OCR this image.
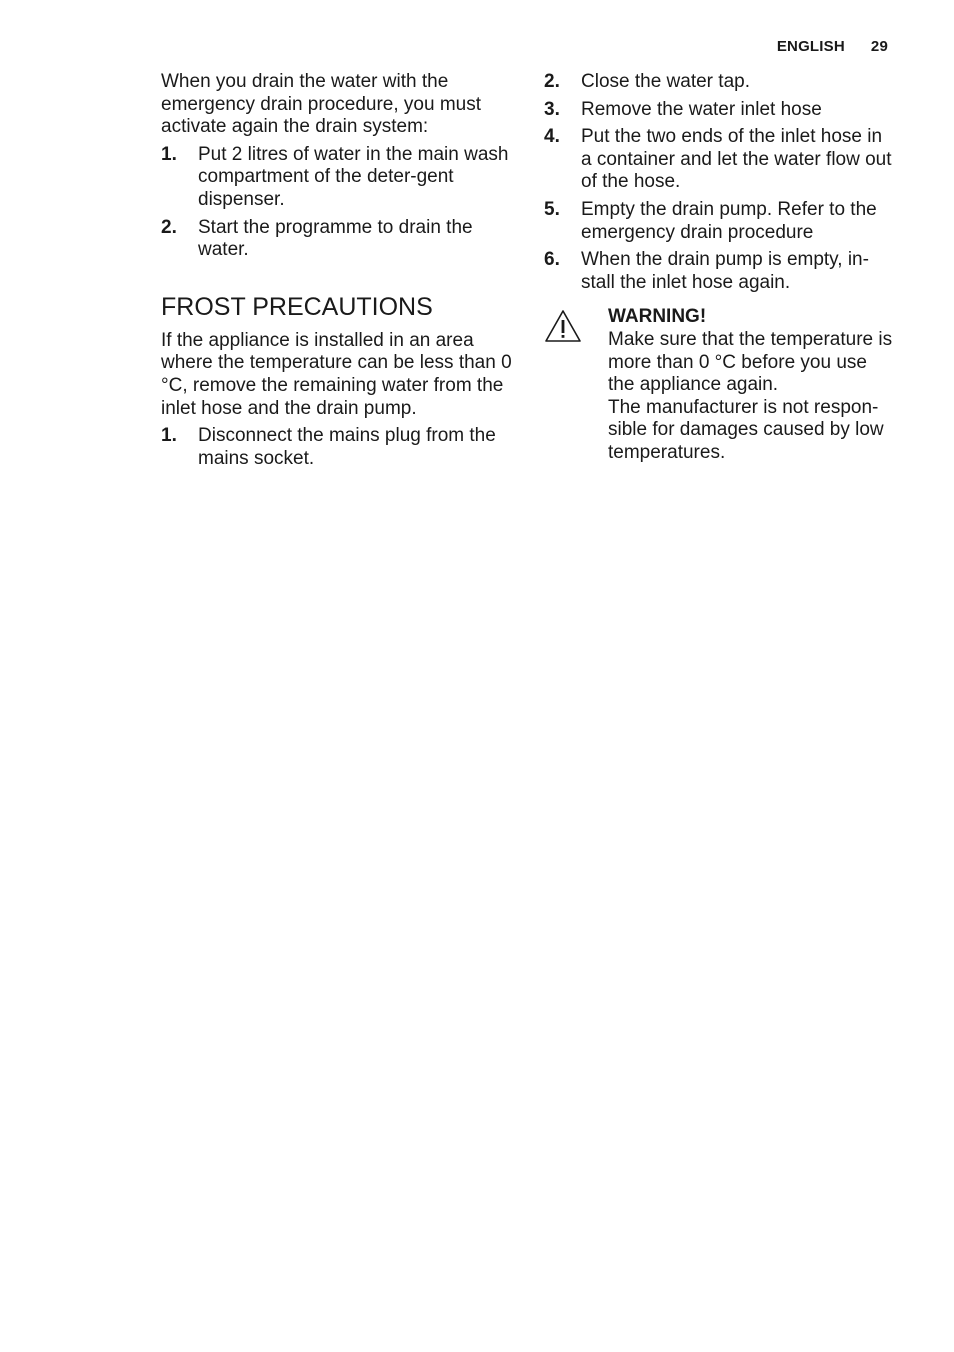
ENGLISH 29

When you drain the water with the emergency drain procedure, you must activate again the drain system:

1.	Put 2 litres of water in the main wash compartment of the deter-gent dispenser.
2.	Start the programme to drain the water.
FROST PRECAUTIONS

If the appliance is installed in an area where the temperature can be less than 0 °C, remove the remaining water from the inlet hose and the drain pump.

1.	Disconnect the mains plug from the mains socket.
2.	Close the water tap.
3.	Remove the water inlet hose
4.	Put the two ends of the inlet hose in a container and let the water flow out of the hose.
5.	Empty the drain pump. Refer to the emergency drain procedure
6.	When the drain pump is empty, in-stall the inlet hose again.
WARNING!
Make sure that the temperature is more than 0 °C before you use the appliance again.
The manufacturer is not respon-sible for damages caused by low temperatures.
